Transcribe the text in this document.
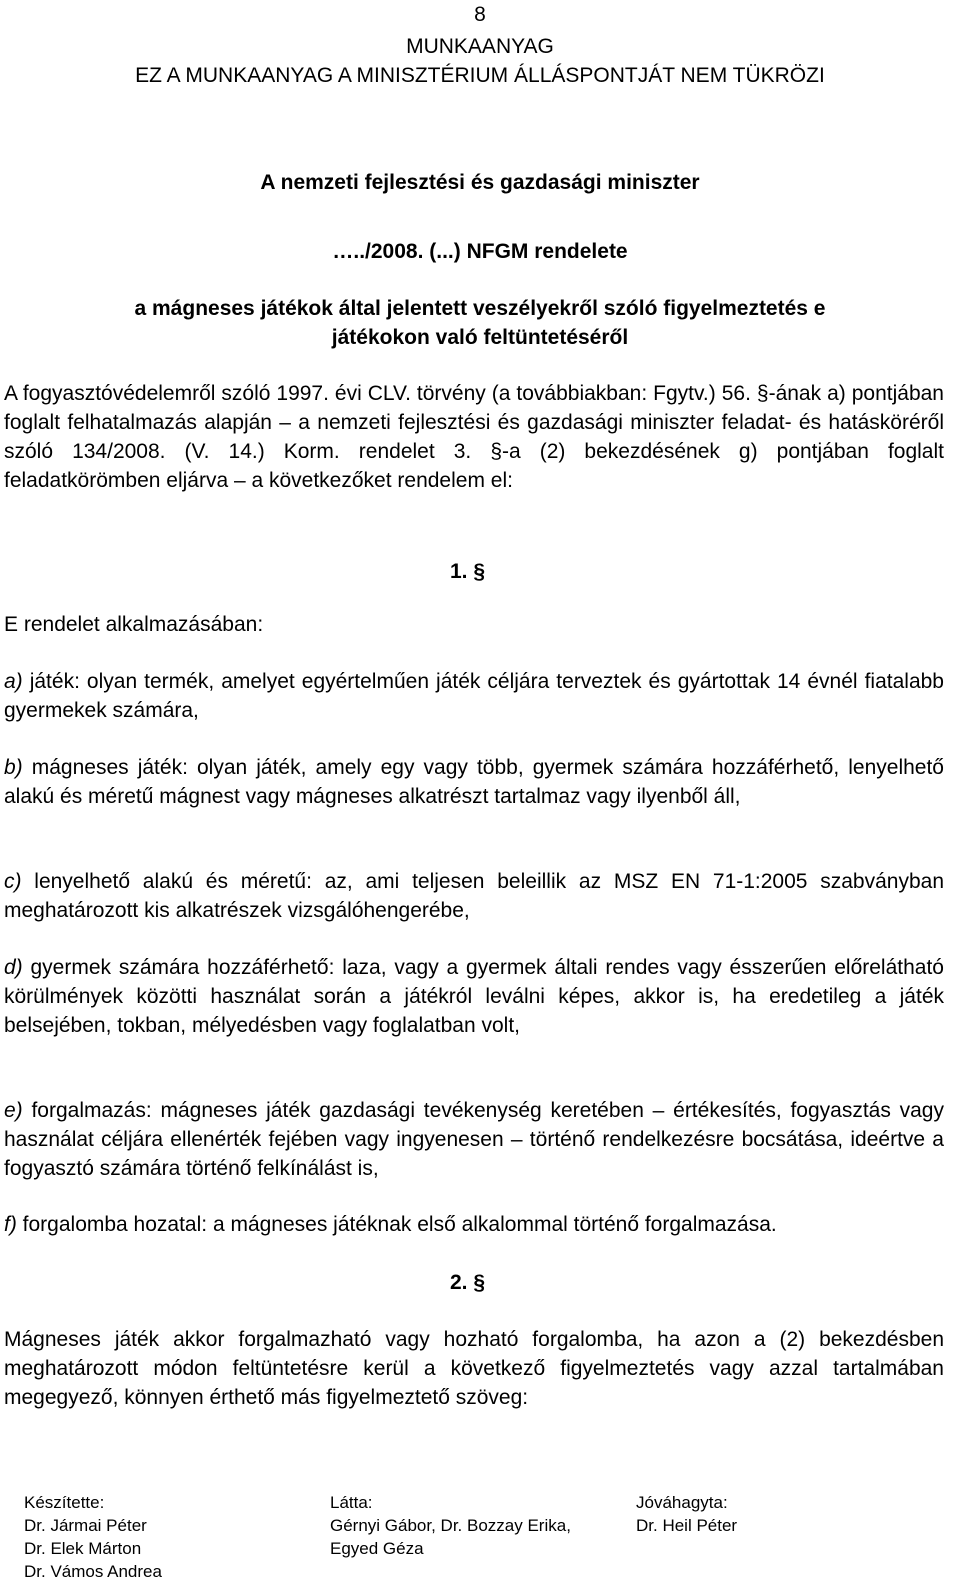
8
MUNKAANYAG
EZ A MUNKAANYAG A MINISZTÉRIUM ÁLLÁSPONTJÁT NEM TÜKRÖZI
A nemzeti fejlesztési és gazdasági miniszter
…../2008. (...) NFGM rendelete
a mágneses játékok által jelentett veszélyekről szóló figyelmeztetés e
játékokon való feltüntetéséről

A fogyasztóvédelemről szóló 1997. évi CLV. törvény (a továbbiakban: Fgytv.) 56. §-ának a) pontjában foglalt felhatalmazás alapján – a nemzeti fejlesztési és gazdasági miniszter feladat- és hatásköréről szóló 134/2008. (V. 14.) Korm. rendelet 3. §-a (2) bekezdésének g) pontjában foglalt feladatkörömben eljárva – a következőket rendelem el:

1. §
E rendelet alkalmazásában:

a) játék: olyan termék, amelyet egyértelműen játék céljára terveztek és gyártottak 14 évnél fiatalabb gyermekek számára,

b) mágneses játék: olyan játék, amely egy vagy több, gyermek számára hozzáférhető, lenyelhető alakú és méretű mágnest vagy mágneses alkatrészt tartalmaz vagy ilyenből áll,

c) lenyelhető alakú és méretű: az, ami teljesen beleillik az MSZ EN 71-1:2005 szabványban meghatározott kis alkatrészek vizsgálóhengerébe,

d) gyermek számára hozzáférhető: laza, vagy a gyermek általi rendes vagy ésszerűen előrelátható körülmények közötti használat során a játékról leválni képes, akkor is, ha eredetileg a játék belsejében, tokban, mélyedésben vagy foglalatban volt,

e) forgalmazás: mágneses játék gazdasági tevékenység keretében – értékesítés, fogyasztás vagy használat céljára ellenérték fejében vagy ingyenesen – történő rendelkezésre bocsátása, ideértve a fogyasztó számára történő felkínálást is,

f) forgalomba hozatal: a mágneses játéknak első alkalommal történő forgalmazása.

2. §

Mágneses játék akkor forgalmazható vagy hozható forgalomba, ha azon a (2) bekezdésben meghatározott módon feltüntetésre kerül a következő figyelmeztetés vagy azzal tartalmában megegyező, könnyen érthető más figyelmeztető szöveg:

Készítette:
Dr. Jármai Péter
Dr. Elek Márton
Dr. Vámos Andrea
Látta:
Gérnyi Gábor, Dr. Bozzay Erika,
Egyed Géza
Jóváhagyta:
Dr. Heil Péter
